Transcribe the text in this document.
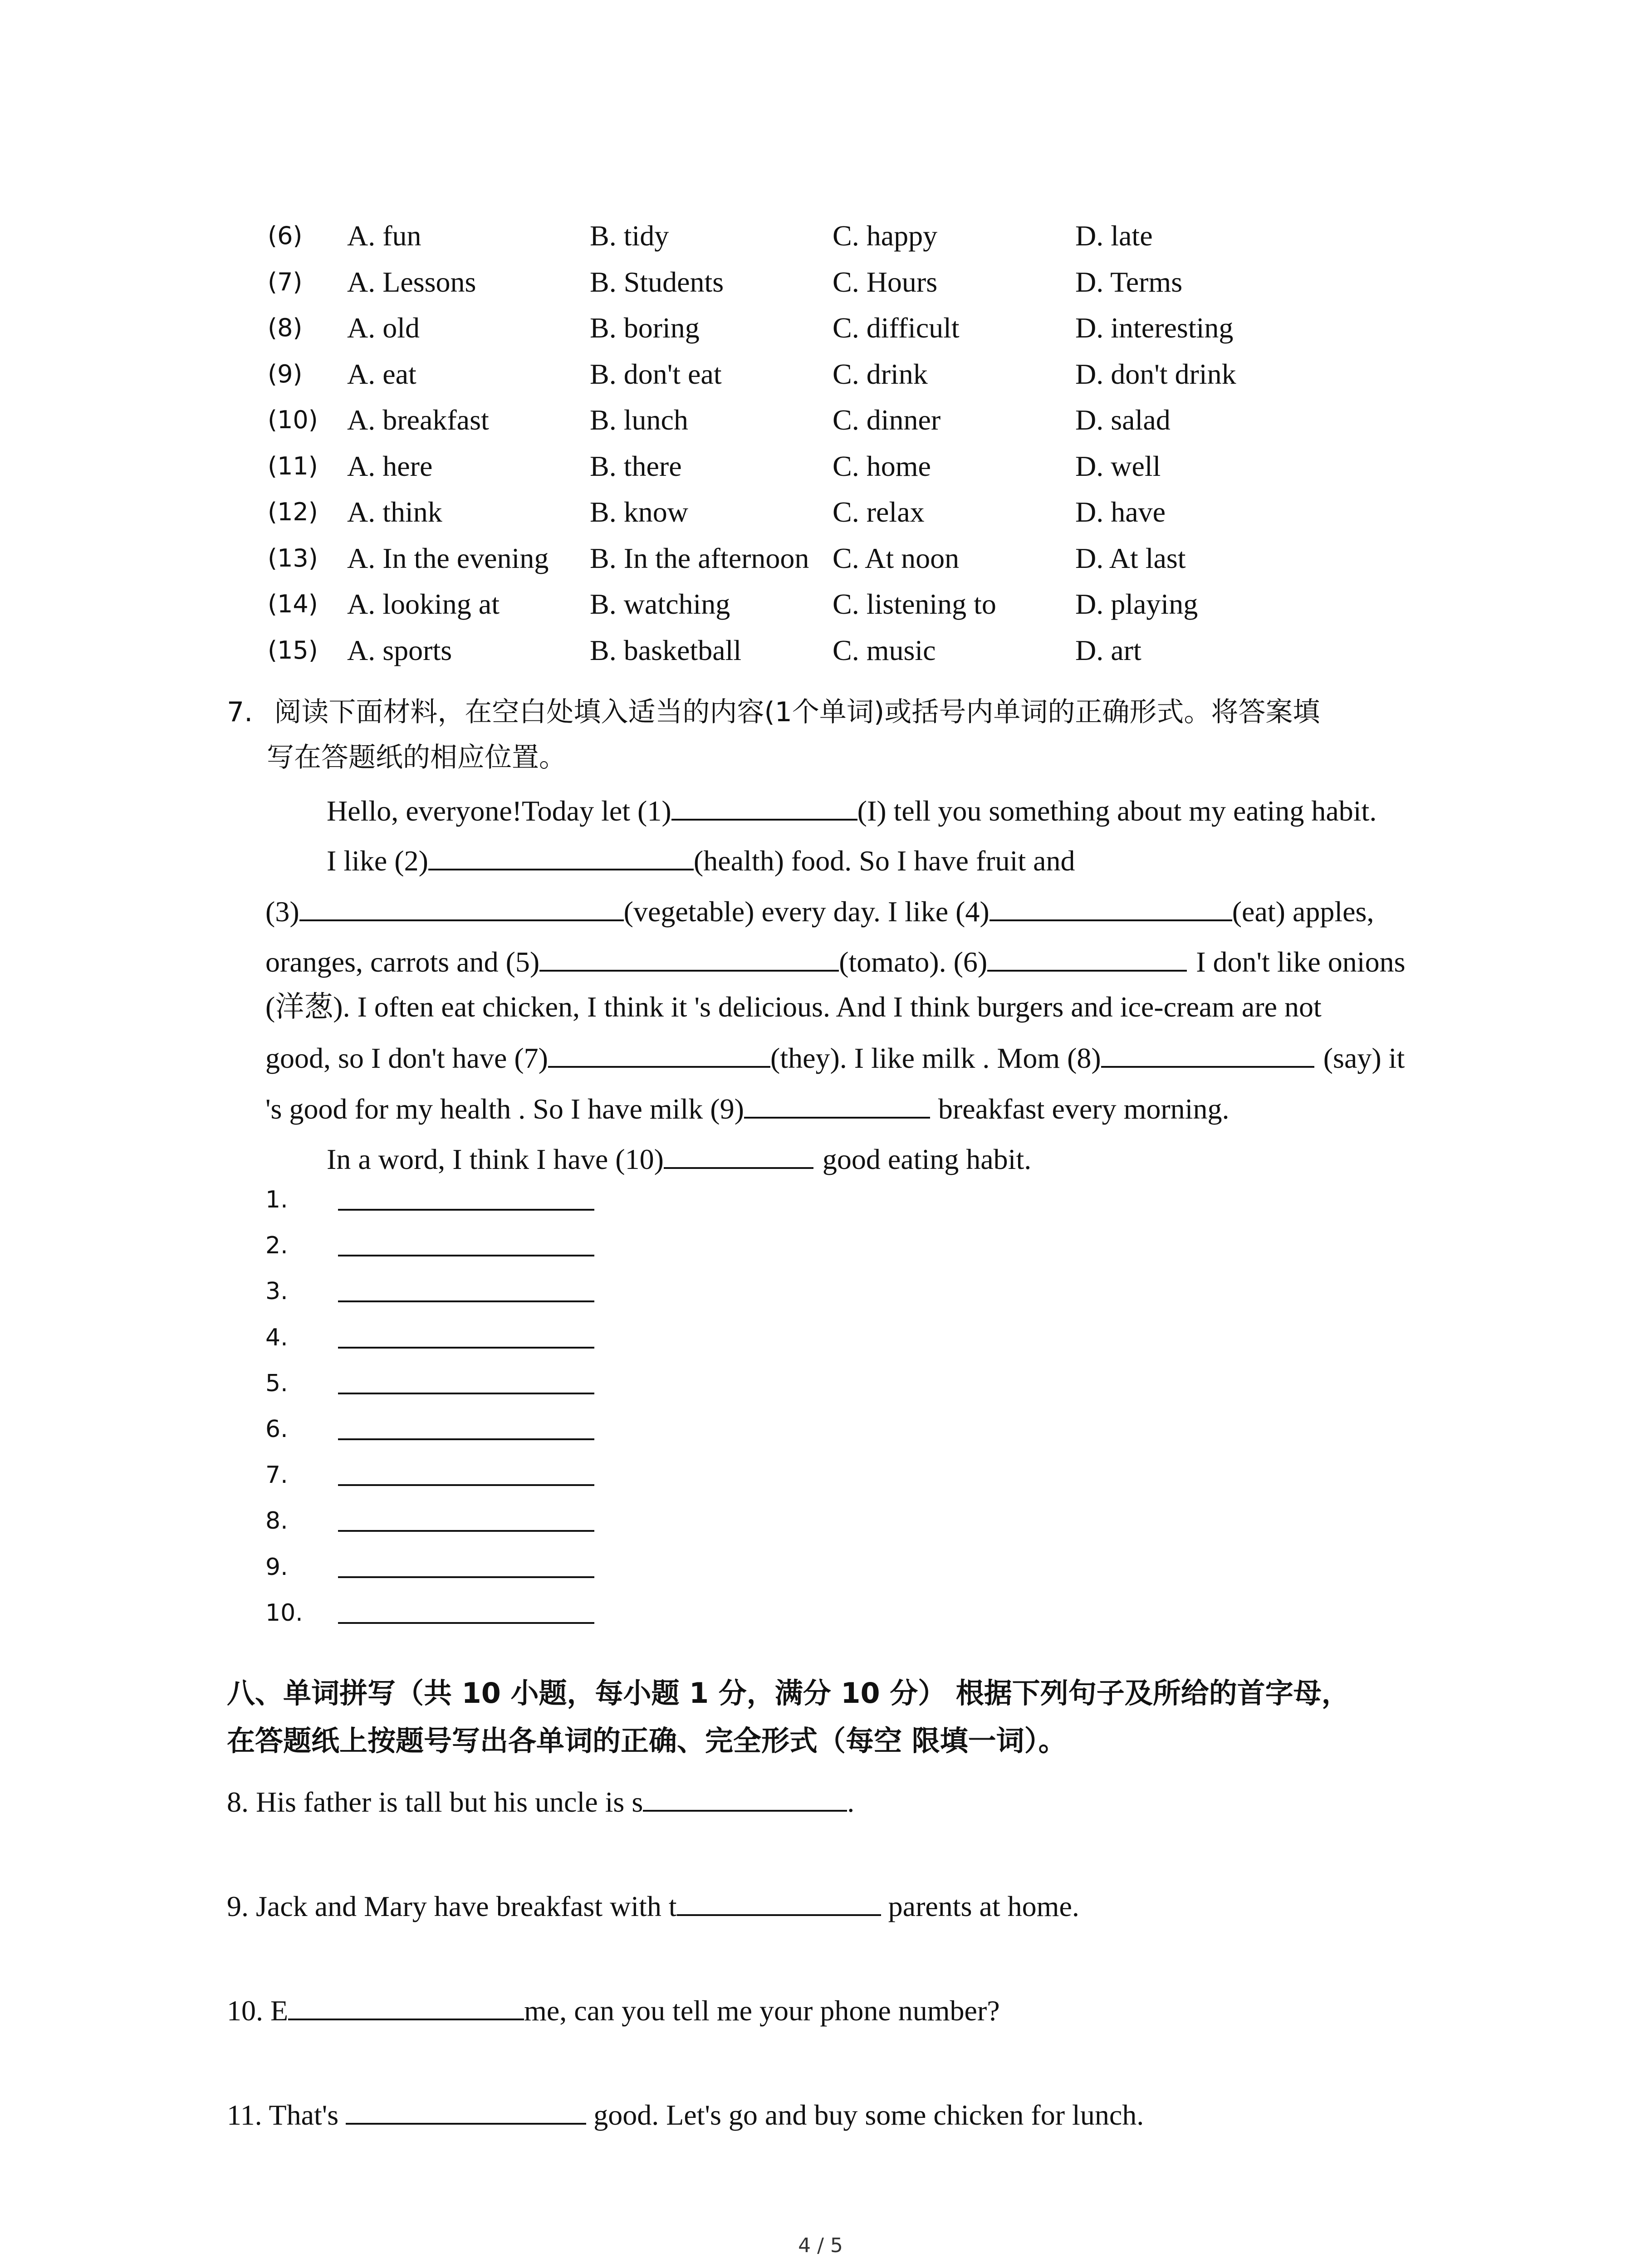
(6) A. fun	B. tidy	C. happy	D. late
(7) A. Lessons	B. Students	C. Hours	D. Terms
(8) A. old	B. boring	C. difficult	D. interesting
(9) A. eat	B. don't eat	C. drink	D. don't drink
(10) A. breakfast	B. lunch	C. dinner	D. salad
(11) A. here	B. there	C. home	D. well
(12) A. think	B. know	C. relax	D. have
(13) A. In the evening B. In the afternoon C. At noon	D. At last
(14) A. looking at	B. watching	C. listening to	D. playing
(15) A. sports	B. basketball	C. music	D. art
7. 阅读下面材料，在空白处填入适当的内容(1个单词)或括号内单词的正确形式。将答案填
写在答题纸的相应位置。
Hello, everyone!Today let (1)	(I) tell you something about my eating habit.
I like (2)	(health) food. So I have fruit and
(3)	(vegetable) every day. I like (4)	(eat) apples,
oranges, carrots and (5)	(tomato). (6)	I don't like onions
(洋葱). I often eat chicken, I think it 's delicious. And I think burgers and ice-cream are not
good, so I don't have (7)	(they). I like milk . Mom (8)	(say) it
's good for my health . So I have milk (9)	breakfast every morning.
In a word, I think I have (10)	good eating habit.
1.
2.
3.
4.
5.
6.
7.
8.
9.
10.
八、单词拼写（共 10 小题，每小题 1 分，满分 10 分） 根据下列句子及所给的首字母，
在答题纸上按题号写出各单词的正确、完全形式（每空 限填一词）。
8. His father is tall but his uncle is s	.
9. Jack and Mary have breakfast with t	parents at home.
10. E	me, can you tell me your phone number?
11. That's	good. Let's go and buy some chicken for lunch.
4 / 5
